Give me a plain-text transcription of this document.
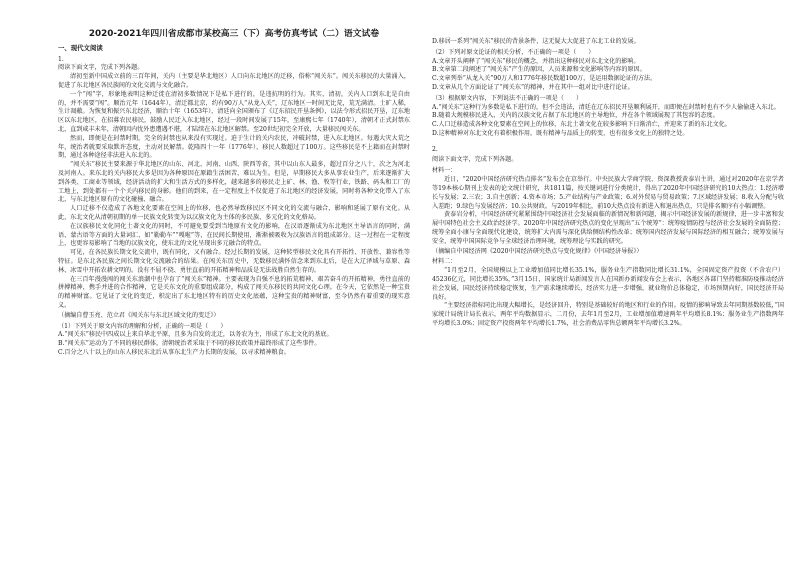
2020-2021年四川省成都市某校高三（下）高考仿真考试（二）语文试卷
一、现代文阅读
1.
阅读下面文字，完成下列各题。
清初至新中国成立前的三百年间，关内（主要是华北地区）人口向东北地区的迁移，俗称“闯关东”。闯关东移民的大量涌入，促进了东北地区各民族间的文化交流与文化融合。
一个“闯”字，形象地表明这种迁徙在清初多数情况下是私下进行的，是违抗明的行为。其实，清初，关内人口到东北是自由的，并不需要“闯”。顺治元年（1644年），清迁都北京，约有90万人“从龙入关”，辽东地区一时间无比荒，荒无满清。土旷人稀，生计凋敝。为恢复和振兴东北经济，顺治十年（1653年），清廷向全国颁布了《辽东招民开垦条例》，以法令形式招民开垦，辽东地区以东北地区，在招募农民移民，鼓励人民迁入东北地区，经过一段时间发展了15年，至康熙七年（1740年），清朝才正式封禁东北，直到咸丰末年，清朝因内忧外患遭遇不堪，才陆续在东北地区解禁。至20世纪初完全开放，大量移民闯关东。
然而，即便是在封禁时期，完全的封禁也从来没有实现过。迫于生计的关内农民，冲破封禁，进入东北地区。每遇大灾大荒之年，统治者就要采取默许态度，主动对民解禁。乾隆四十一年（1776年），移民人数超过了100万。这些移民是不上籍而在封禁时期，通过各种途径非法进入东北的。
“闯关东”移民主要来源于华北地区的山东、河北、河南、山西、陕西等省，其中以山东人最多，超过百分之八十，次之为河北及河南人。来东北的关内移民大多是因为各种原因在原籍生活困苦，难以为生。但是，早期移民大多从事农业生产，后来逐渐扩大到各类、工商业等领域，经济活动的扩大和生活方式的多样化，越来越多的移民走上矿、林、渔、牧等行业，铁路、码头和工厂的工地上，到处都有一个个关内移民的身影。他们的到来，在一定程度上不仅促进了东北地区的经济发展，同时将各种文化带入了东北，与东北地区原有的文化碰撞、融合。
人口迁移不仅造成了各地文化要素在空间上的位移，也必然导致移民区不同文化的交流与融合，影响和延展了原有文化。从此，东北文化从清朝初期的单一民族文化转变为以汉族文化为主体的多民族、多元化的文化格局。
在汉族移民文化同化土著文化的同时，不可避免要受到当地原有文化的影响，在汉语逐渐成为东北地区主导语言的同时，满语、蒙古语等方面的大量词汇，如“勒勒车”“嘎啦”等，在民间长期使用，渐渐被吸收为汉族语言的组成部分。这一过程在一定程度上，也更容易影响了当地的汉族文化，使东北的文化呈现出多元融合的特点。
可见，在各民族长期文化交流中，既有同化，又有融合。经过长期的发展，这种转型移民文化具有开拓性、开放性、兼容性等特征。是东北各民族之间长期文化交流融合的结果。在闯关东历史中，无数移民满怀信念来到东北后，是在大辽泽域与草原、森林、冰雪中开拓农耕文明的。没有不屈不挠、勇往直前的开拓精神和品质是无法战胜自然生存的。
在三百年漫漫闯的闯关东浪潮中也孕育了“闯关东”精神。主要表现为自强不息的拓荒精神、艰苦奋斗的开拓精神，勇往直前的拼搏精神，携手并进的合作精神，它是关东文化的重要组成部分，构成了闯关东移民的共同文化心理。在今天，它依然是一种宝贵的精神财富。它见证了文化的变迁，积淀出了东北地区特有的历史文化底蕴，这种宝贵的精神财富，至今仍然有着重要的现实意义。
（摘编自曹玉亮、范立君《闯关东与东北区域文化的变迁》）
（1）下列关于原文内容的理解和分析，正确的一项是（　　）
A.“闯关东”移民中四成以上来自华北平原，且多为自发的北迁，以务农为主，形成了东北文化的基底。
B.“闯关东”运动为了不同的移民群体，清朝统治者采取于不同的移民政策并最终形成了这些事件。
C.百分之八十以上的山东人移民东北后从事东北生产力长期的发展，以寻求精神粮食。
D.移居一系列“闯关东”移民的背景条件，这无疑大大促进了东北工业的发展。
（2）下列对原文论证的相关分析，不正确的一项是（　　）
A.文章开头阐释了“闯关东”移民的概念，并指出这种移民对东北文化的影响。
B.文章第二段阐述了“闯关东”产生的原因，人员来源和文化影响等内容的原因。
C.文章列举“从龙入关”90万人和1776年移民数超100万，是运用数据论证的方法。
D.文章从几个方面论证了“闯关东”的精神，并在其中一组对比中进行论证。
（3）根据原文内容，下列说法不正确的一项是（　　）
A.“闯关东”这种行为多数是私下进行的，但不会违法，清廷在辽东招民开垦顺利展开，而即便在封禁时也有不少人偷偷进入东北。
B.随着大规模移民进入，关内的汉族文化占据了东北地区的主导地位，并在各个领域展现了其包容的态度。
C.人口迁移造成各种文化要素在空间上的位移，东北土著文化在较多影响下日渐消亡，并迎来了新的东北文化。
D.这种精神对东北文化有着积极作用，既有精神与品质上的转变，也有很多文化上的独特之处。
2.
阅读下面文字，完成下列各题。
材料一：
近日，“2020中国经济研究热点排名”发布会在京举行。中央民族大学商学院、资深教授黄泰岩主讲，通过对2020年在京学者等19本核心期刊上发表的论文统计研究，共1811篇，按关键词进行分类统计，得出了2020年中国经济研究的10大热点：1.经济增长与发展；2.三农；3.自主创新；4.资本市场；5.产业结构与产业政策；6.对外贸易与贸易政策；7.区域经济发展；8.收入分配与收入差距；9.绿色与发展经济；10.公共财政。与2019年相比，前10大热点没有新进入和退出热点，只是排名顺序有小幅调整。
黄泰岩分析，中国经济研究紧紧围绕中国经济社会发展面临的新情况和新问题，揭示中国经济发展的新规律，进一步丰富和发展中国特色社会主义政治经济学。2020年中国经济研究热点的变化呈现出“五个统筹”：统筹疫情防控与经济社会发展的全面防控；统筹全面小康与全面现代化建设，统筹扩大内需与深化供给侧结构性改革；统筹国内经济发展与国际经济的相互融合；统筹发展与安全，统筹中国国际竞争与全球经济治理环境，统筹理论与实践的研究。
（摘编自中国经济网《2020中国经济研究热点与变化规律》《中国经济导报》）
材料二：
“1月至2月，全国规模以上工业增加值同比增长35.1%，服务业生产指数同比增长31.1%，全国固定资产投资（不含农户）45236亿元，同比增长35%，”3月15日，国家统计局新闻发言人在国新办新闻发布会上表示，各地区各部门坚持精准防疫推动经济社会发展，国民经济持续稳定恢复，生产需求继续增长，经济实力进一步增强，就业物价总体稳定，市场预期向好，国民经济开局良好。
“主要经济指标同比出现大幅增长，是经济回升，特别是基础较好的地区和行业的作用。疫情的影响导致去年同期基数较低，”国家统计局统计局长表示，两年平均数据显示，二月份，去年1月至2月，工业增加值增速两年平均增长8.1%；服务业生产指数两年平均增长3.0%；固定资产投资两年平均增长1.7%，社会消费品零售总额两年平均增长3.2%。
